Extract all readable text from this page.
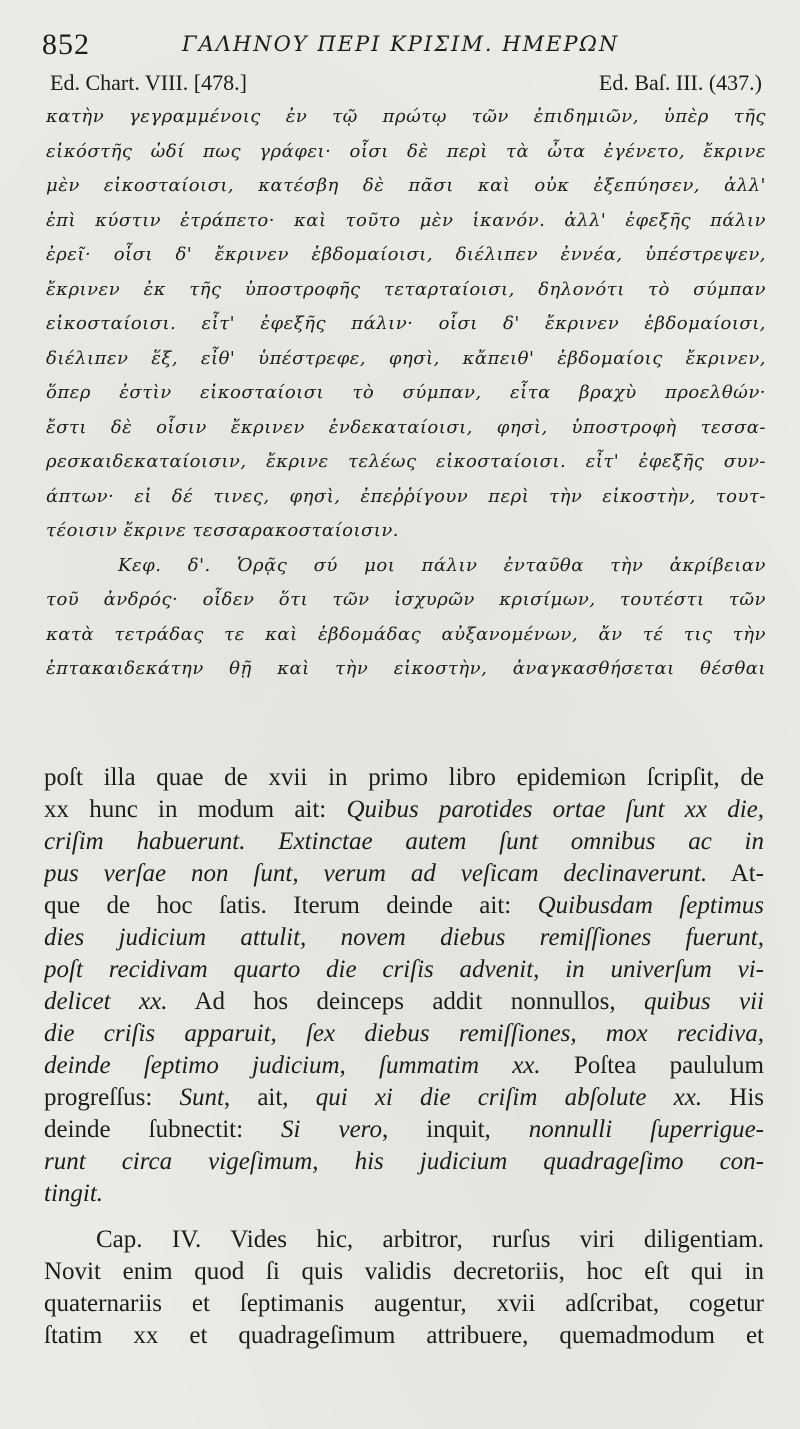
852	ΓΑΛΗΝΟΥ ΠΕΡΙ ΚΡΙΣΙΜ. ΗΜΕΡΩΝ
Ed. Chart. VIII. [478.]	Ed. Baſ. III. (437.)
κατὴν γεγραμμένοις ἐν τῷ πρώτῳ τῶν ἐπιδημιῶν, ὑπὲρ τῆς
εἰκόστῆς ὡδί πως γράφει· οἷσι δὲ περὶ τὰ ὦτα ἐγένετο, ἔκρινε
μὲν εἰκοσταίοισι, κατέσβη δὲ πᾶσι καὶ οὐκ ἐξεπύησεν, ἀλλ'
ἐπὶ κύστιν ἐτράπετο· καὶ τοῦτο μὲν ἱκανόν. ἀλλ' ἐφεξῆς πάλιν
ἐρεῖ· οἷσι δ' ἔκρινεν ἑβδομαίοισι, διέλιπεν ἐννέα, ὑπέστρεψεν,
ἔκρινεν ἐκ τῆς ὑποστροφῆς τεταρταίοισι, δηλονότι τὸ σύμπαν
εἰκοσταίοισι. εἶτ' ἐφεξῆς πάλιν· οἷσι δ' ἔκρινεν ἑβδομαίοισι,
διέλιπεν ἕξ, εἶθ' ὑπέστρεφε, φησὶ, κἄπειθ' ἑβδομαίοις ἔκρινεν,
ὅπερ ἐστὶν εἰκοσταίοισι τὸ σύμπαν, εἶτα βραχὺ προελθών·
ἔστι δὲ οἷσιν ἔκρινεν ἑνδεκαταίοισι, φησὶ, ὑποστροφὴ τεσσα-
ρεσκαιδεκαταίοισιν, ἔκρινε τελέως εἰκοσταίοισι. εἶτ' ἐφεξῆς συν-
άπτων· εἰ δέ τινες, φησὶ, ἐπεῤῥίγουν περὶ τὴν εἰκοστὴν, τουτ-
τέοισιν ἔκρινε τεσσαρακοσταίοισιν.
Κεφ. δ'. Ὁρᾷς σύ μοι πάλιν ἐνταῦθα τὴν ἀκρίβειαν
τοῦ ἀνδρός· οἶδεν ὅτι τῶν ἰσχυρῶν κρισίμων, τουτέστι τῶν
κατὰ τετράδας τε καὶ ἑβδομάδας αὐξανομένων, ἄν τέ τις τὴν
ἑπτακαιδεκάτην θῇ καὶ τὴν εἰκοστὴν, ἀναγκασθήσεται θέσθαι
poſt illa quae de xvii in primo libro epidemiωn ſcripſit, de
xx hunc in modum ait: Quibus parotides ortae ſunt xx die,
criſim habuerunt. Extinctae autem ſunt omnibus ac in
pus verſae non ſunt, verum ad veſicam declinaverunt. At-
que de hoc ſatis. Iterum deinde ait: Quibusdam ſeptimus
dies judicium attulit, novem diebus remiſſiones fuerunt,
poſt recidivam quarto die criſis advenit, in univerſum vi-
delicet xx. Ad hos deinceps addit nonnullos, quibus vii
die criſis apparuit, ſex diebus remiſſiones, mox recidiva,
deinde ſeptimo judicium, ſummatim xx. Poſtea paululum
progreſſus: Sunt, ait, qui xi die criſim abſolute xx. His
deinde ſubnectit: Si vero, inquit, nonnulli ſuperrigue-
runt circa vigeſimum, his judicium quadrageſimo con-
tingit.
Cap. IV. Vides hic, arbitror, rurſus viri diligentiam.
Novit enim quod ſi quis validis decretoriis, hoc eſt qui in
quaternariis et ſeptimanis augentur, xvii adſcribat, cogetur
ſtatim xx et quadrageſimum attribuere, quemadmodum et
